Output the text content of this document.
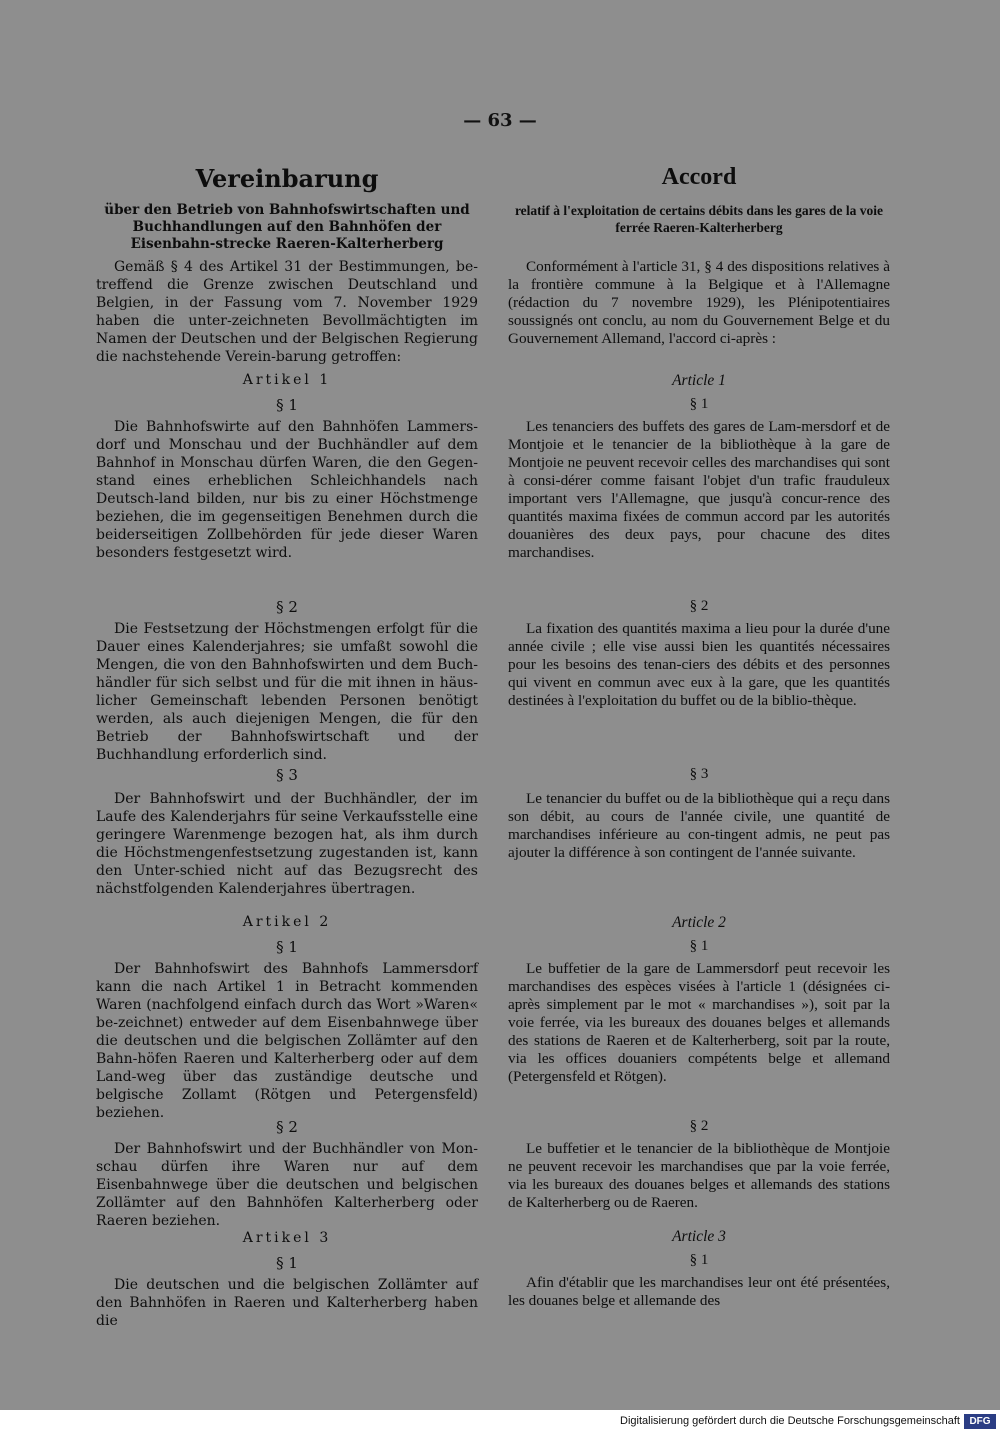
— 63 —

Vereinbarung

über den Betrieb von Bahnhofswirtschaften und Buchhandlungen auf den Bahnhöfen der Eisenbahn-strecke Raeren-Kalterherberg

Gemäß § 4 des Artikel 31 der Bestimmungen, be-treffend die Grenze zwischen Deutschland und Belgien, in der Fassung vom 7. November 1929 haben die unter-zeichneten Bevollmächtigten im Namen der Deutschen und der Belgischen Regierung die nachstehende Verein-barung getroffen:

Artikel 1

§ 1

Die Bahnhofswirte auf den Bahnhöfen Lammers-dorf und Monschau und der Buchhändler auf dem Bahnhof in Monschau dürfen Waren, die den Gegen-stand eines erheblichen Schleichhandels nach Deutsch-land bilden, nur bis zu einer Höchstmenge beziehen, die im gegenseitigen Benehmen durch die beiderseitigen Zollbehörden für jede dieser Waren besonders festgesetzt wird.

§ 2

Die Festsetzung der Höchstmengen erfolgt für die Dauer eines Kalenderjahres; sie umfaßt sowohl die Mengen, die von den Bahnhofswirten und dem Buch-händler für sich selbst und für die mit ihnen in häus-licher Gemeinschaft lebenden Personen benötigt werden, als auch diejenigen Mengen, die für den Betrieb der Bahnhofswirtschaft und der Buchhandlung erforderlich sind.

§ 3

Der Bahnhofswirt und der Buchhändler, der im Laufe des Kalenderjahrs für seine Verkaufsstelle eine geringere Warenmenge bezogen hat, als ihm durch die Höchstmengenfestsetzung zugestanden ist, kann den Unter-schied nicht auf das Bezugsrecht des nächstfolgenden Kalenderjahres übertragen.

Artikel 2

§ 1

Der Bahnhofswirt des Bahnhofs Lammersdorf kann die nach Artikel 1 in Betracht kommenden Waren (nachfolgend einfach durch das Wort »Waren« be-zeichnet) entweder auf dem Eisenbahnwege über die deutschen und die belgischen Zollämter auf den Bahn-höfen Raeren und Kalterherberg oder auf dem Land-weg über das zuständige deutsche und belgische Zollamt (Rötgen und Petergensfeld) beziehen.

§ 2

Der Bahnhofswirt und der Buchhändler von Mon-schau dürfen ihre Waren nur auf dem Eisenbahnwege über die deutschen und belgischen Zollämter auf den Bahnhöfen Kalterherberg oder Raeren beziehen.

Artikel 3

§ 1

Die deutschen und die belgischen Zollämter auf den Bahnhöfen in Raeren und Kalterherberg haben die

Accord

relatif à l'exploitation de certains débits dans les gares de la voie ferrée Raeren-Kalterherberg

Conformément à l'article 31, § 4 des dispositions relatives à la frontière commune à la Belgique et à l'Allemagne (rédaction du 7 novembre 1929), les Plénipotentiaires soussignés ont conclu, au nom du Gouvernement Belge et du Gouvernement Allemand, l'accord ci-après :

Article 1

§ 1

Les tenanciers des buffets des gares de Lam-mersdorf et de Montjoie et le tenancier de la bibliothèque à la gare de Montjoie ne peuvent recevoir celles des marchandises qui sont à consi-dérer comme faisant l'objet d'un trafic frauduleux important vers l'Allemagne, que jusqu'à concur-rence des quantités maxima fixées de commun accord par les autorités douanières des deux pays, pour chacune des dites marchandises.

§ 2

La fixation des quantités maxima a lieu pour la durée d'une année civile ; elle vise aussi bien les quantités nécessaires pour les besoins des tenan-ciers des débits et des personnes qui vivent en commun avec eux à la gare, que les quantités destinées à l'exploitation du buffet ou de la biblio-thèque.

§ 3

Le tenancier du buffet ou de la bibliothèque qui a reçu dans son débit, au cours de l'année civile, une quantité de marchandises inférieure au con-tingent admis, ne peut pas ajouter la différence à son contingent de l'année suivante.

Article 2

§ 1

Le buffetier de la gare de Lammersdorf peut recevoir les marchandises des espèces visées à l'article 1 (désignées ci-après simplement par le mot « marchandises »), soit par la voie ferrée, via les bureaux des douanes belges et allemands des stations de Raeren et de Kalterherberg, soit par la route, via les offices douaniers compétents belge et allemand (Petergensfeld et Rötgen).

§ 2

Le buffetier et le tenancier de la bibliothèque de Montjoie ne peuvent recevoir les marchandises que par la voie ferrée, via les bureaux des douanes belges et allemands des stations de Kalterherberg ou de Raeren.

Article 3

§ 1

Afin d'établir que les marchandises leur ont été présentées, les douanes belge et allemande des

Digitalisierung gefördert durch die Deutsche Forschungsgemeinschaft DFG
